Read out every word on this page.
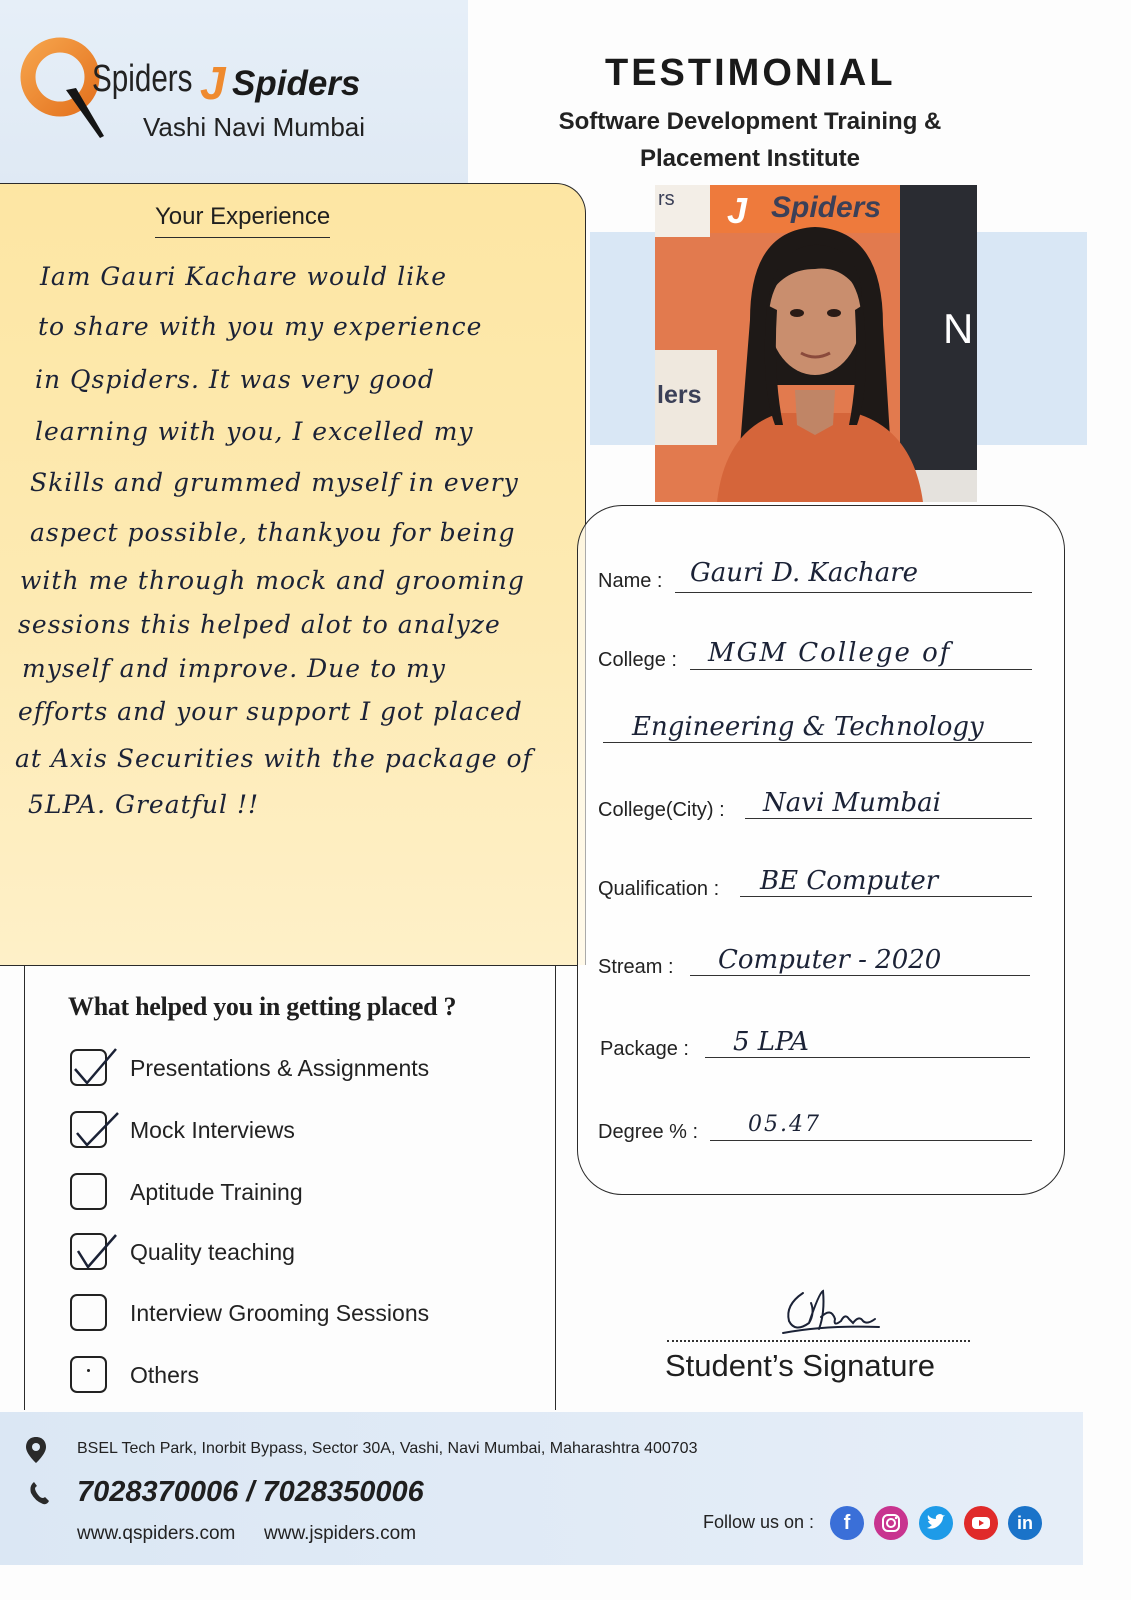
Spiders J Spiders
Vashi Navi Mumbai
TESTIMONIAL
Software Development Training &
Placement Institute
Your Experience
Iam Gauri Kachare would like
to share with you my experience
in Qspiders. It was very good
learning with you, I excelled my
Skills and grummed myself in every
aspect possible, thankyou for being
with me through mock and grooming
sessions this helped alot to analyze
myself and improve. Due to my
efforts and your support I got placed
at Axis Securities with the package of
5LPA. Greatful !!
rs J Spiders
N
lers
Name : Gauri D. Kachare
College : MGM College of
Engineering & Technology
College(City) : Navi Mumbai
Qualification : BE Computer
Stream : Computer - 2020
Package : 5 LPA
Degree % : 05.47
What helped you in getting placed ?
Presentations & Assignments
Mock Interviews
Aptitude Training
Quality teaching
Interview Grooming Sessions
Others	Student’s Signature
BSEL Tech Park, Inorbit Bypass, Sector 30A, Vashi, Navi Mumbai, Maharashtra 400703
7028370006 / 7028350006
www.qspiders.com www.jspiders.com
Follow us on :	f	in
